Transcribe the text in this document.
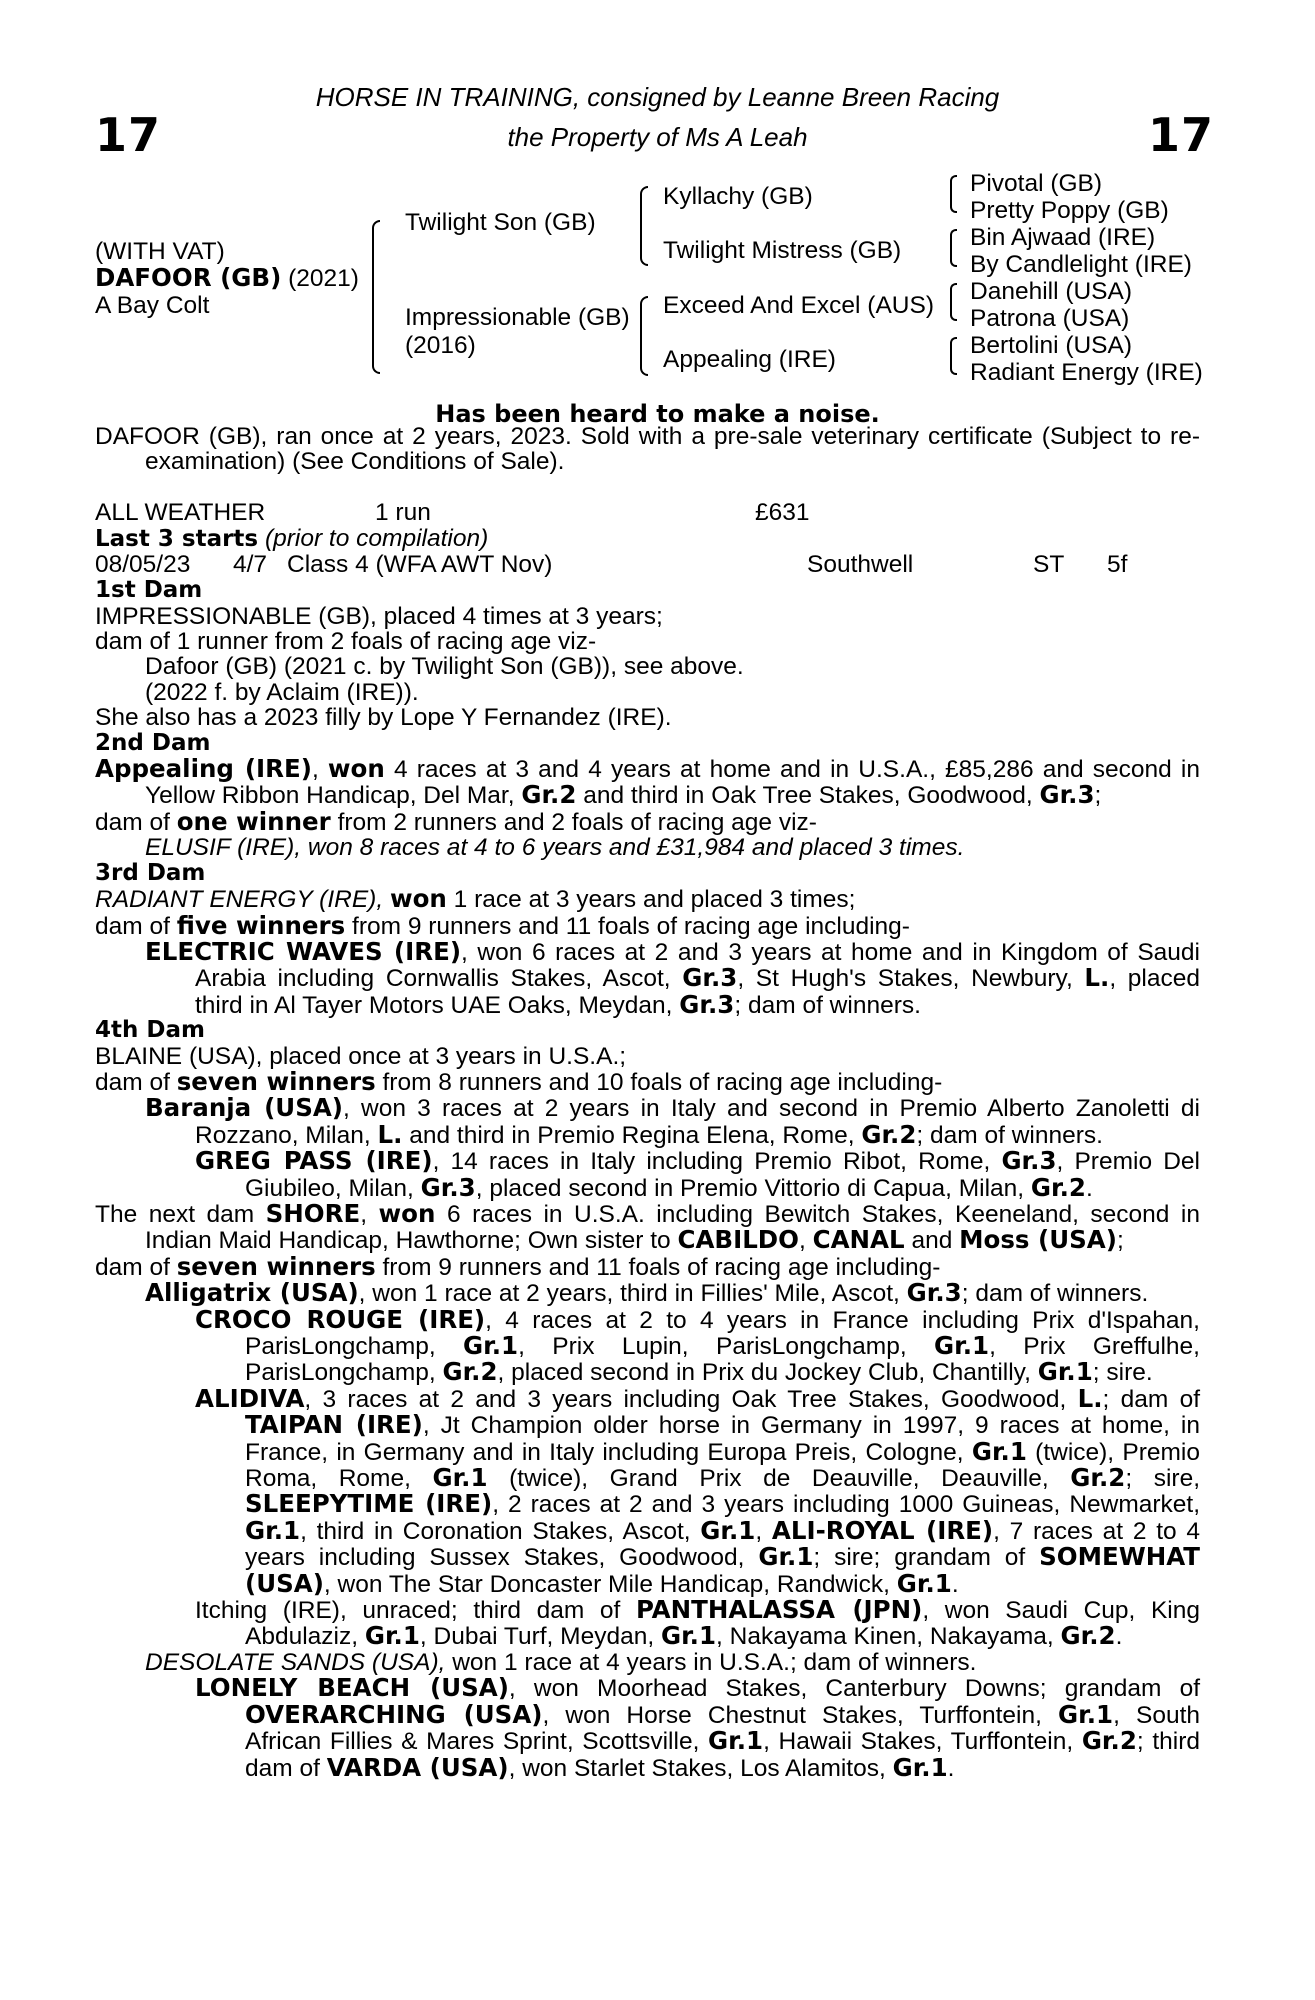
17	17
HORSE IN TRAINING, consigned by Leanne Breen Racing
the Property of Ms A Leah
(WITH VAT)
DAFOOR (GB) (2021)
A Bay Colt
Twilight Son (GB)
Impressionable (GB)
(2016)
Kyllachy (GB)
Twilight Mistress (GB)
Exceed And Excel (AUS)
Appealing (IRE)
Pivotal (GB)
Pretty Poppy (GB)
Bin Ajwaad (IRE)
By Candlelight (IRE)
Danehill (USA)
Patrona (USA)
Bertolini (USA)
Radiant Energy (IRE)
Has been heard to make a noise.

DAFOOR (GB), ran once at 2 years, 2023. Sold with a pre-sale veterinary certificate (Subject to re-examination) (See Conditions of Sale).

ALL WEATHER	1 run	£631

Last 3 starts (prior to compilation)

08/05/23 4/7 Class 4 (WFA AWT Nov)	Southwell	ST 5f

1st Dam

IMPRESSIONABLE (GB), placed 4 times at 3 years;

dam of 1 runner from 2 foals of racing age viz-

Dafoor (GB) (2021 c. by Twilight Son (GB)), see above.

(2022 f. by Aclaim (IRE)).

She also has a 2023 filly by Lope Y Fernandez (IRE).

2nd Dam

Appealing (IRE), won 4 races at 3 and 4 years at home and in U.S.A., £85,286 and second in Yellow Ribbon Handicap, Del Mar, Gr.2 and third in Oak Tree Stakes, Goodwood, Gr.3;

dam of one winner from 2 runners and 2 foals of racing age viz-

ELUSIF (IRE), won 8 races at 4 to 6 years and £31,984 and placed 3 times.

3rd Dam

RADIANT ENERGY (IRE), won 1 race at 3 years and placed 3 times;

dam of five winners from 9 runners and 11 foals of racing age including-

ELECTRIC WAVES (IRE), won 6 races at 2 and 3 years at home and in Kingdom of Saudi Arabia including Cornwallis Stakes, Ascot, Gr.3, St Hugh's Stakes, Newbury, L., placed third in Al Tayer Motors UAE Oaks, Meydan, Gr.3; dam of winners.

4th Dam

BLAINE (USA), placed once at 3 years in U.S.A.;

dam of seven winners from 8 runners and 10 foals of racing age including-

Baranja (USA), won 3 races at 2 years in Italy and second in Premio Alberto Zanoletti di Rozzano, Milan, L. and third in Premio Regina Elena, Rome, Gr.2; dam of winners.

GREG PASS (IRE), 14 races in Italy including Premio Ribot, Rome, Gr.3, Premio Del Giubileo, Milan, Gr.3, placed second in Premio Vittorio di Capua, Milan, Gr.2.

The next dam SHORE, won 6 races in U.S.A. including Bewitch Stakes, Keeneland, second in Indian Maid Handicap, Hawthorne; Own sister to CABILDO, CANAL and Moss (USA);

dam of seven winners from 9 runners and 11 foals of racing age including-

Alligatrix (USA), won 1 race at 2 years, third in Fillies' Mile, Ascot, Gr.3; dam of winners.

CROCO ROUGE (IRE), 4 races at 2 to 4 years in France including Prix d'Ispahan, ParisLongchamp, Gr.1, Prix Lupin, ParisLongchamp, Gr.1, Prix Greffulhe, ParisLongchamp, Gr.2, placed second in Prix du Jockey Club, Chantilly, Gr.1; sire.

ALIDIVA, 3 races at 2 and 3 years including Oak Tree Stakes, Goodwood, L.; dam of TAIPAN (IRE), Jt Champion older horse in Germany in 1997, 9 races at home, in France, in Germany and in Italy including Europa Preis, Cologne, Gr.1 (twice), Premio Roma, Rome, Gr.1 (twice), Grand Prix de Deauville, Deauville, Gr.2; sire, SLEEPYTIME (IRE), 2 races at 2 and 3 years including 1000 Guineas, Newmarket, Gr.1, third in Coronation Stakes, Ascot, Gr.1, ALI-ROYAL (IRE), 7 races at 2 to 4 years including Sussex Stakes, Goodwood, Gr.1; sire; grandam of SOMEWHAT (USA), won The Star Doncaster Mile Handicap, Randwick, Gr.1.

Itching (IRE), unraced; third dam of PANTHALASSA (JPN), won Saudi Cup, King Abdulaziz, Gr.1, Dubai Turf, Meydan, Gr.1, Nakayama Kinen, Nakayama, Gr.2.

DESOLATE SANDS (USA), won 1 race at 4 years in U.S.A.; dam of winners.

LONELY BEACH (USA), won Moorhead Stakes, Canterbury Downs; grandam of OVERARCHING (USA), won Horse Chestnut Stakes, Turffontein, Gr.1, South African Fillies & Mares Sprint, Scottsville, Gr.1, Hawaii Stakes, Turffontein, Gr.2; third dam of VARDA (USA), won Starlet Stakes, Los Alamitos, Gr.1.
